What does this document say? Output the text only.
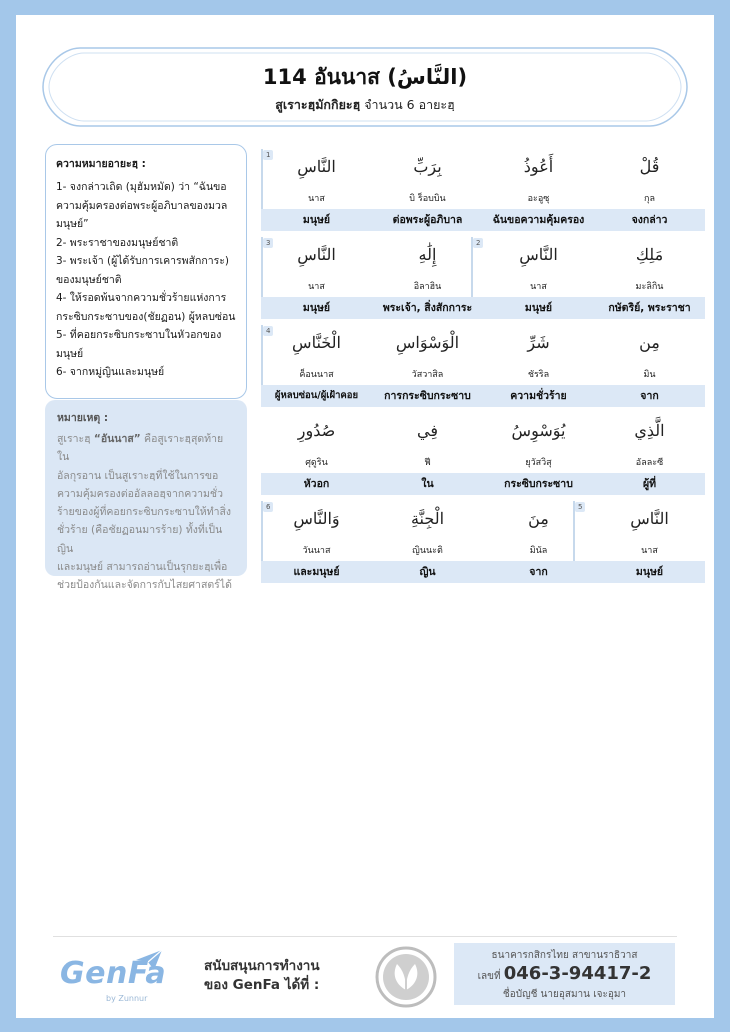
114 อันนาส (النَّاسُ)
สูเราะฮฺมักกิยะฮฺ จำนวน 6 อายะฮฺ
ความหมายอายะฮฺ :
1- จงกล่าวเถิด (มุฮัมหมัด) ว่า “ฉันขอ
ความคุ้มครองต่อพระผู้อภิบาลของมวล
มนุษย์”
2- พระราชาของมนุษย์ชาติ
3- พระเจ้า (ผู้ได้รับการเคารพสักการะ)
ของมนุษย์ชาติ
4- ให้รอดพ้นจากความชั่วร้ายแห่งการ
กระซิบกระซาบของ(ชัยฏอน) ผู้หลบซ่อน
5- ที่คอยกระซิบกระซาบในหัวอกของ
มนุษย์
6- จากหมู่ญินและมนุษย์
หมายเหตุ :
สูเราะฮฺ “อันนาส” คือสูเราะฮฺสุดท้ายใน
อัลกุรอาน เป็นสูเราะฮฺที่ใช้ในการขอ
ความคุ้มครองต่ออัลลอฮฺจากความชั่ว
ร้ายของผู้ที่คอยกระซิบกระซาบให้ทำสิ่ง
ชั่วร้าย (คือชัยฏอนมารร้าย) ทั้งที่เป็นญิน
และมนุษย์ สามารถอ่านเป็นรุกยะฮฺเพื่อ
ช่วยป้องกันและจัดการกับไสยศาสตร์ได้
قُلْ
أَعُوذُ
بِرَبِّ
النَّاسِ
กุล
อะอูซุ
บิ ร็อบบิน
นาส
จงกล่าว
ฉันขอความคุ้มครอง
ต่อพระผู้อภิบาล
มนุษย์
1
مَلِكِ
النَّاسِ
إِلَٰهِ
النَّاسِ
มะลิกิน
นาส
อิลาฮิน
นาส
กษัตริย์, พระราชา
มนุษย์
พระเจ้า, สิ่งสักการะ
มนุษย์
3	2
مِن
شَرِّ
الْوَسْوَاسِ
الْخَنَّاسِ
มิน
ชัรริล
วัสวาสิล
ค็อนนาส
จาก
ความชั่วร้าย
การกระซิบกระซาบ
ผู้หลบซ่อน/ผู้เฝ้าคอย
4
الَّذِي
يُوَسْوِسُ
فِي
صُدُورِ
อัลละซี
ยุวัสวิสุ
ฟี
ศุดูริน
ผู้ที่
กระซิบกระซาบ
ใน
หัวอก
النَّاسِ
مِنَ
الْجِنَّةِ
وَالنَّاسِ
นาส
มินัล
ญินนะติ
วันนาส
มนุษย์
จาก
ญิน
และมนุษย์
6	5
GenFa
by Zunnur
สนับสนุนการทำงาน
ของ GenFa ได้ที่ :
ธนาคารกสิกรไทย สาขานราธิวาส
เลขที่ 046-3-94417-2
ชื่อบัญชี นายอุสมาน เจะอุมา
